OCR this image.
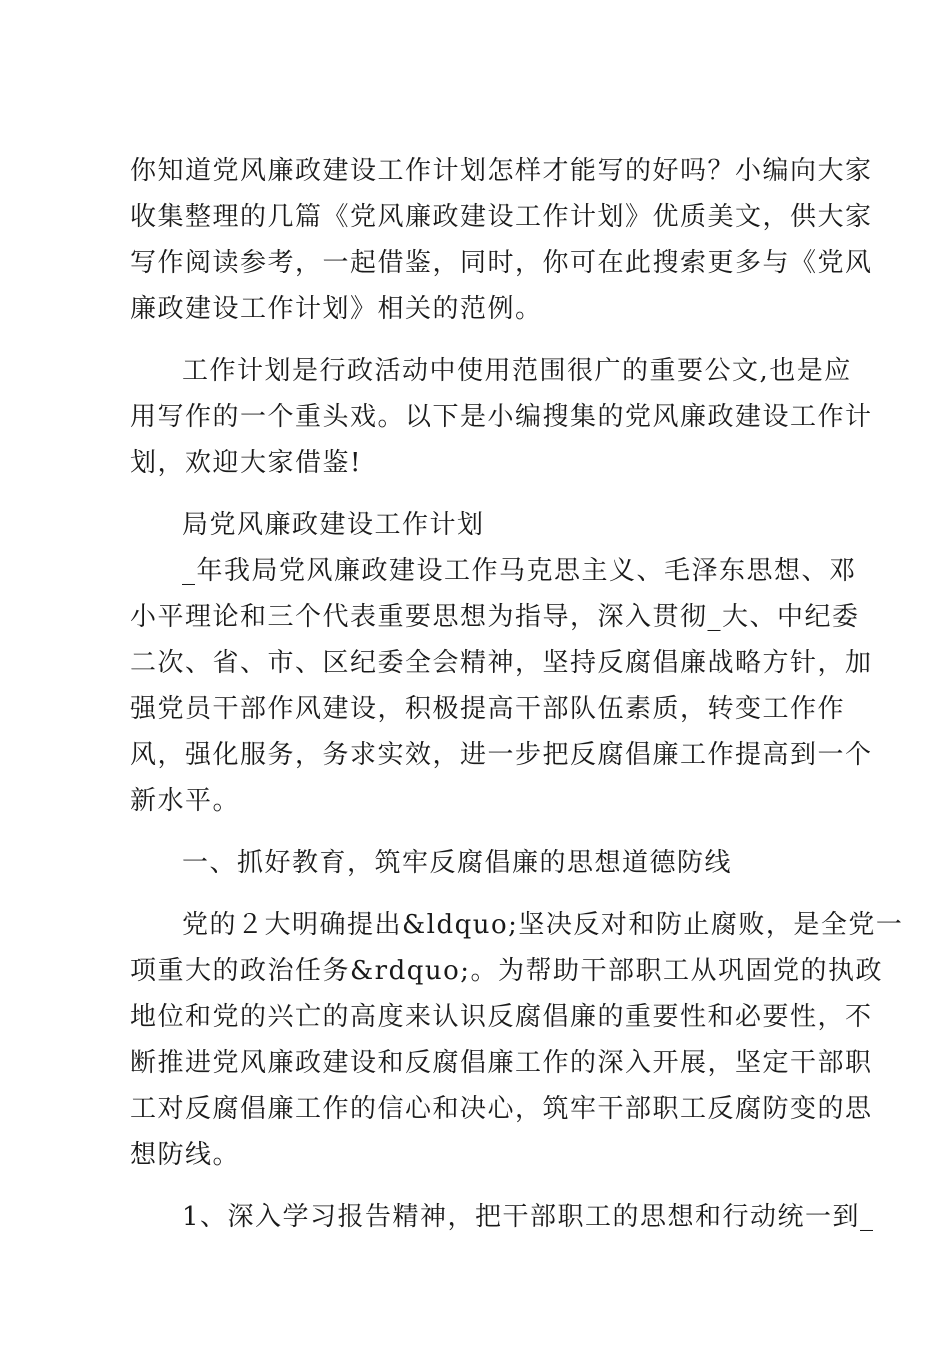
你知道党风廉政建设工作计划怎样才能写的好吗？小编向大家
收集整理的几篇《党风廉政建设工作计划》优质美文，供大家
写作阅读参考，一起借鉴，同时，你可在此搜索更多与《党风
廉政建设工作计划》相关的范例。
工作计划是行政活动中使用范围很广的重要公文,也是应
用写作的一个重头戏。以下是小编搜集的党风廉政建设工作计
划，欢迎大家借鉴!
局党风廉政建设工作计划
_年我局党风廉政建设工作马克思主义、毛泽东思想、邓
小平理论和三个代表重要思想为指导，深入贯彻_大、中纪委
二次、省、市、区纪委全会精神，坚持反腐倡廉战略方针，加
强党员干部作风建设，积极提高干部队伍素质，转变工作作
风，强化服务，务求实效，进一步把反腐倡廉工作提高到一个
新水平。
一、抓好教育，筑牢反腐倡廉的思想道德防线
党的２大明确提出&ldquo;坚决反对和防止腐败，是全党一
项重大的政治任务&rdquo;。为帮助干部职工从巩固党的执政
地位和党的兴亡的高度来认识反腐倡廉的重要性和必要性，不
断推进党风廉政建设和反腐倡廉工作的深入开展，坚定干部职
工对反腐倡廉工作的信心和决心，筑牢干部职工反腐防变的思
想防线。
1、深入学习报告精神，把干部职工的思想和行动统一到_
